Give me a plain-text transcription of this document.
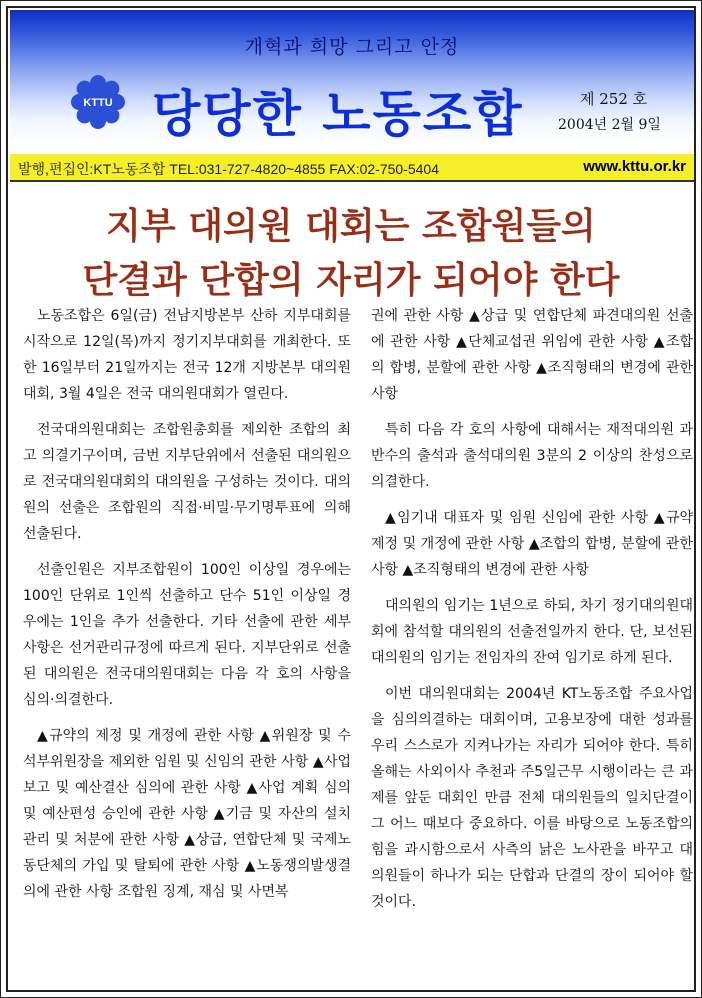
개혁과 희망 그리고 안정
KTTU 당당한 노동조합	제 252 호
2004년 2월 9일
발행,편집인:KT노동조합 TEL:031-727-4820~4855 FAX:02-750-5404	www.kttu.or.kr
지부 대의원 대회는 조합원들의
단결과 단합의 자리가 되어야 한다

노동조합은 6일(금) 전남지방본부 산하 지부대회를 시작으로 12일(목)까지 정기지부대회를 개최한다. 또한 16일부터 21일까지는 전국 12개 지방본부 대의원대회, 3월 4일은 전국 대의원대회가 열린다.

전국대의원대회는 조합원총회를 제외한 조합의 최고 의결기구이며, 금번 지부단위에서 선출된 대의원으로 전국대의원대회의 대의원을 구성하는 것이다. 대의원의 선출은 조합원의 직접·비밀·무기명투표에 의해 선출된다.

선출인원은 지부조합원이 100인 이상일 경우에는 100인 단위로 1인씩 선출하고 단수 51인 이상일 경우에는 1인을 추가 선출한다. 기타 선출에 관한 세부사항은 선거관리규정에 따르게 된다. 지부단위로 선출된 대의원은 전국대의원대회는 다음 각 호의 사항을 심의·의결한다.

▲규약의 제정 및 개정에 관한 사항 ▲위원장 및 수석부위원장을 제외한 임원 및 신임의 관한 사항 ▲사업보고 및 예산결산 심의에 관한 사항 ▲사업 계획 심의 및 예산편성 승인에 관한 사항 ▲기금 및 자산의 설치 관리 및 처분에 관한 사항 ▲상급, 연합단체 및 국제노동단체의 가입 및 탈퇴에 관한 사항 ▲노동쟁의발생결의에 관한 사항 조합원 징계, 재심 및 사면복

권에 관한 사항 ▲상급 및 연합단체 파견대의원 선출에 관한 사항 ▲단체교섭권 위임에 관한 사항 ▲조합의 합병, 분할에 관한 사항 ▲조직형태의 변경에 관한 사항

특히 다음 각 호의 사항에 대해서는 재적대의원 과반수의 출석과 출석대의원 3분의 2 이상의 찬성으로 의결한다.

▲임기내 대표자 및 임원 신임에 관한 사항 ▲규약제정 및 개정에 관한 사항 ▲조합의 합병, 분할에 관한 사항 ▲조직형태의 변경에 관한 사항

대의원의 임기는 1년으로 하되, 차기 정기대의원대회에 참석할 대의원의 선출전일까지 한다. 단, 보선된 대의원의 임기는 전임자의 잔여 임기로 하게 된다.

이번 대의원대회는 2004년 KT노동조합 주요사업을 심의의결하는 대회이며, 고용보장에 대한 성과를 우리 스스로가 지켜나가는 자리가 되어야 한다. 특히 올해는 사외이사 추천과 주5일근무 시행이라는 큰 과제를 앞둔 대회인 만큼 전체 대의원들의 일치단결이 그 어느 때보다 중요하다. 이를 바탕으로 노동조합의 힘을 과시함으로서 사측의 낡은 노사관을 바꾸고 대의원들이 하나가 되는 단합과 단결의 장이 되어야 할 것이다.
